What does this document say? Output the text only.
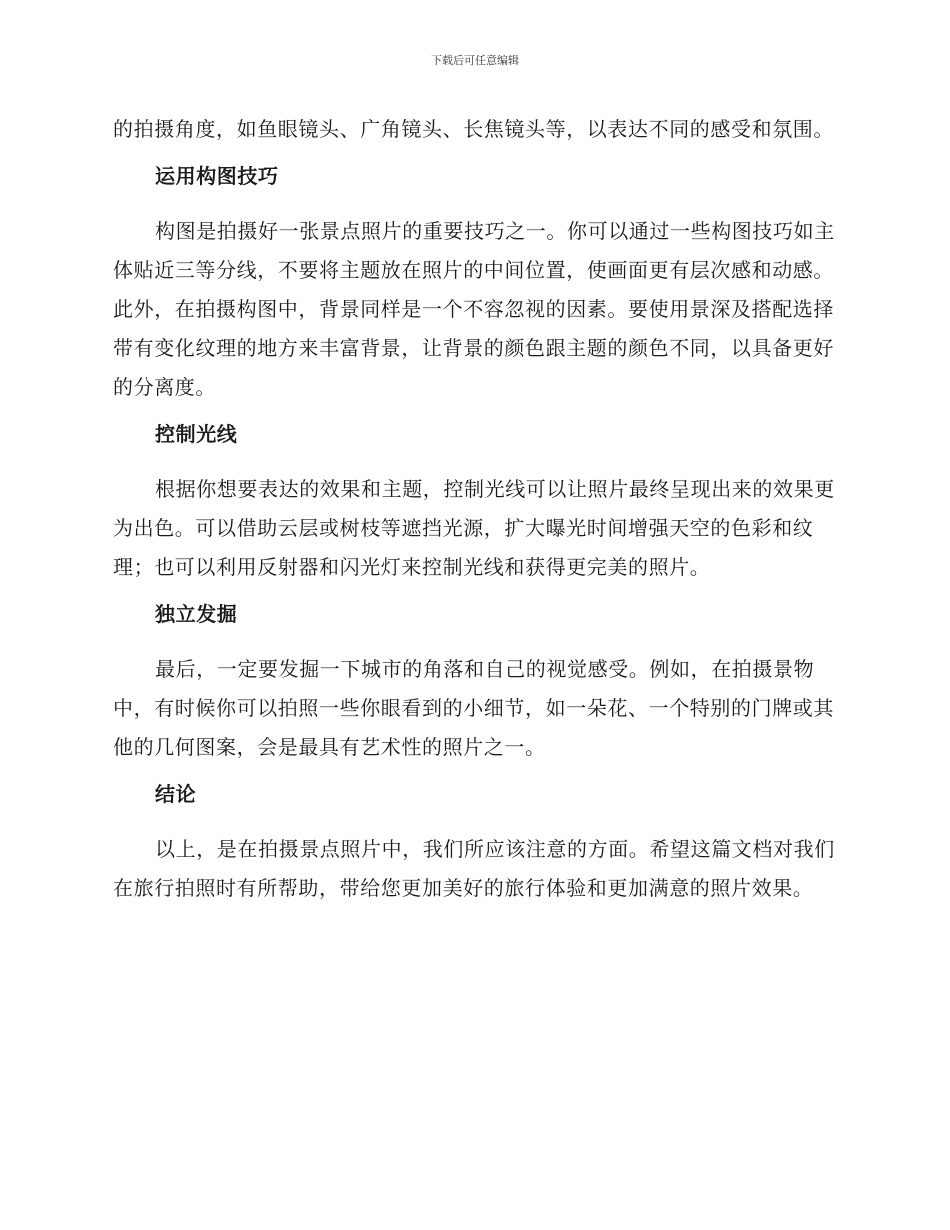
下载后可任意编辑

的拍摄角度，如鱼眼镜头、广角镜头、长焦镜头等，以表达不同的感受和氛围。

运用构图技巧

构图是拍摄好一张景点照片的重要技巧之一。你可以通过一些构图技巧如主体贴近三等分线，不要将主题放在照片的中间位置，使画面更有层次感和动感。此外，在拍摄构图中，背景同样是一个不容忽视的因素。要使用景深及搭配选择带有变化纹理的地方来丰富背景，让背景的颜色跟主题的颜色不同，以具备更好的分离度。

控制光线

根据你想要表达的效果和主题，控制光线可以让照片最终呈现出来的效果更为出色。可以借助云层或树枝等遮挡光源，扩大曝光时间增强天空的色彩和纹理；也可以利用反射器和闪光灯来控制光线和获得更完美的照片。

独立发掘

最后，一定要发掘一下城市的角落和自己的视觉感受。例如，在拍摄景物中，有时候你可以拍照一些你眼看到的小细节，如一朵花、一个特别的门牌或其他的几何图案，会是最具有艺术性的照片之一。

结论

以上，是在拍摄景点照片中，我们所应该注意的方面。希望这篇文档对我们在旅行拍照时有所帮助，带给您更加美好的旅行体验和更加满意的照片效果。
